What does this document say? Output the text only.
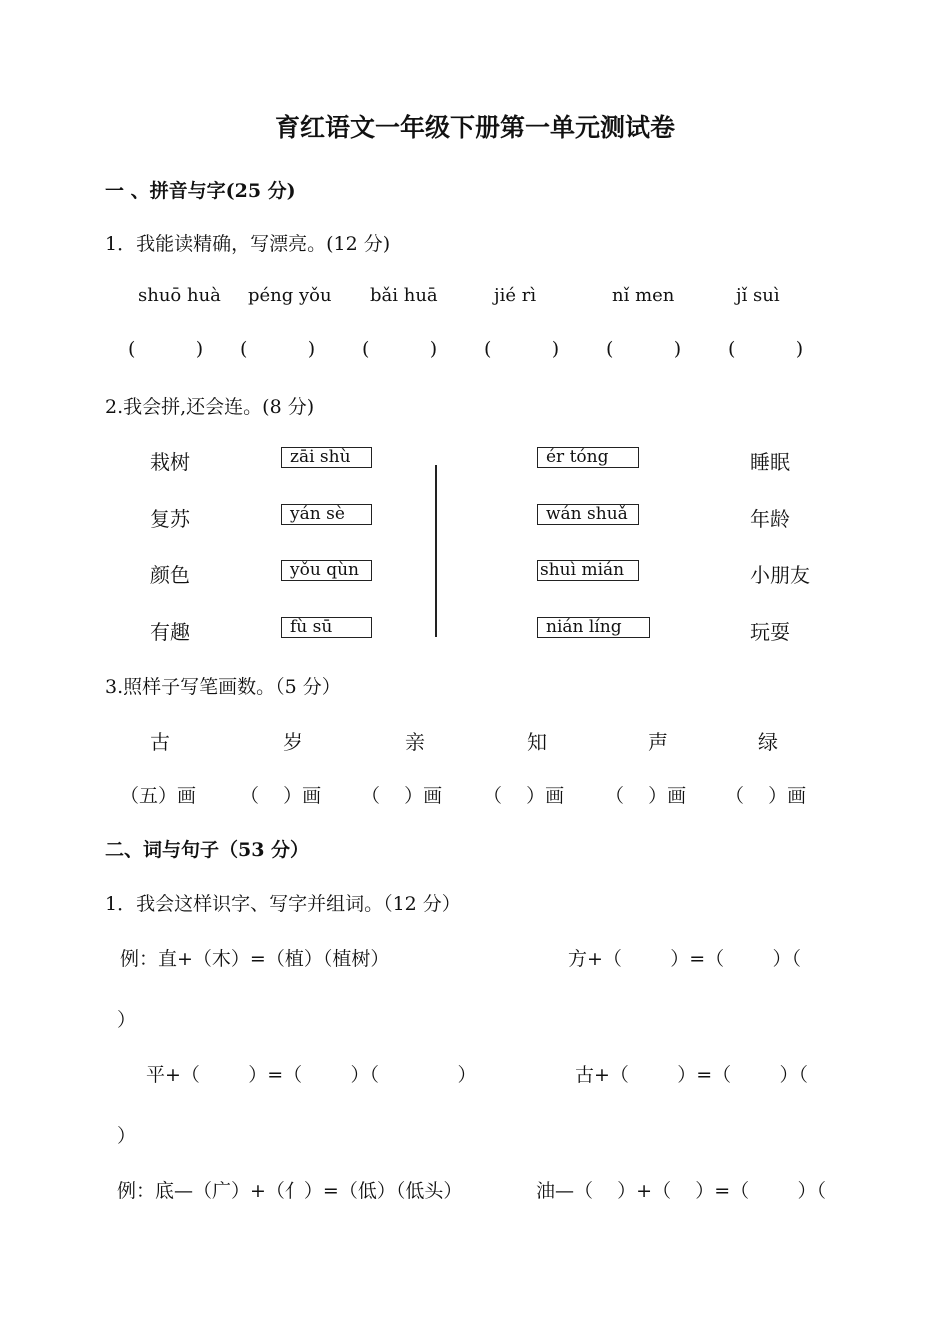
育红语文一年级下册第一单元测试卷
一 、拼音与字(25 分)
1．我能读精确，写漂亮。(12 分)
shuō huà péng yǒu bǎi huā	jié rì	nǐ men	jǐ suì
(          ) (          ) (          ) (          ) (          ) (          )
2.我会拼,还会连。(8 分)
栽树
复苏
颜色
有趣
zāi shù
yán sè
yǒu qùn
fù sū
ér tóng
wán shuǎ
shuì mián
nián líng
睡眠
年龄
小朋友
玩耍
3.照样子写笔画数。（5 分）
古	岁	亲	知	声	绿
（五）画 （    ）画 （    ）画 （    ）画 （    ）画 （    ）画
二、词与句子（53 分）
1．我会这样识字、写字并组词。（12 分）
例：直+（木）=（植）（植树）	方+（        ）=（        ）（
）
平+（        ）=（        ）（             ）	古+（        ）=（        ）（
）
例：底—（广）+（亻）=（低）（低头）	油—（    ）+（    ）=（        ）（
